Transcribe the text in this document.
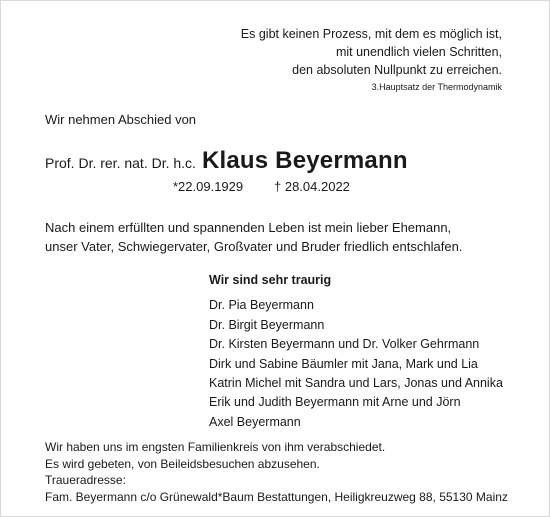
Es gibt keinen Prozess, mit dem es möglich ist,
mit unendlich vielen Schritten,
den absoluten Nullpunkt zu erreichen.
3.Hauptsatz der Thermodynamik
Wir nehmen Abschied von
Prof. Dr. rer. nat. Dr. h.c. Klaus Beyermann
*22.09.1929 † 28.04.2022
Nach einem erfüllten und spannenden Leben ist mein lieber Ehemann,
unser Vater, Schwiegervater, Großvater und Bruder friedlich entschlafen.
Wir sind sehr traurig
Dr. Pia Beyermann
Dr. Birgit Beyermann
Dr. Kirsten Beyermann und Dr. Volker Gehrmann
Dirk und Sabine Bäumler mit Jana, Mark und Lia
Katrin Michel mit Sandra und Lars, Jonas und Annika
Erik und Judith Beyermann mit Arne und Jörn
Axel Beyermann
Wir haben uns im engsten Familienkreis von ihm verabschiedet.
Es wird gebeten, von Beileidsbesuchen abzusehen.
Traueradresse:
Fam. Beyermann c/o Grünewald*Baum Bestattungen, Heiligkreuzweg 88, 55130 Mainz
